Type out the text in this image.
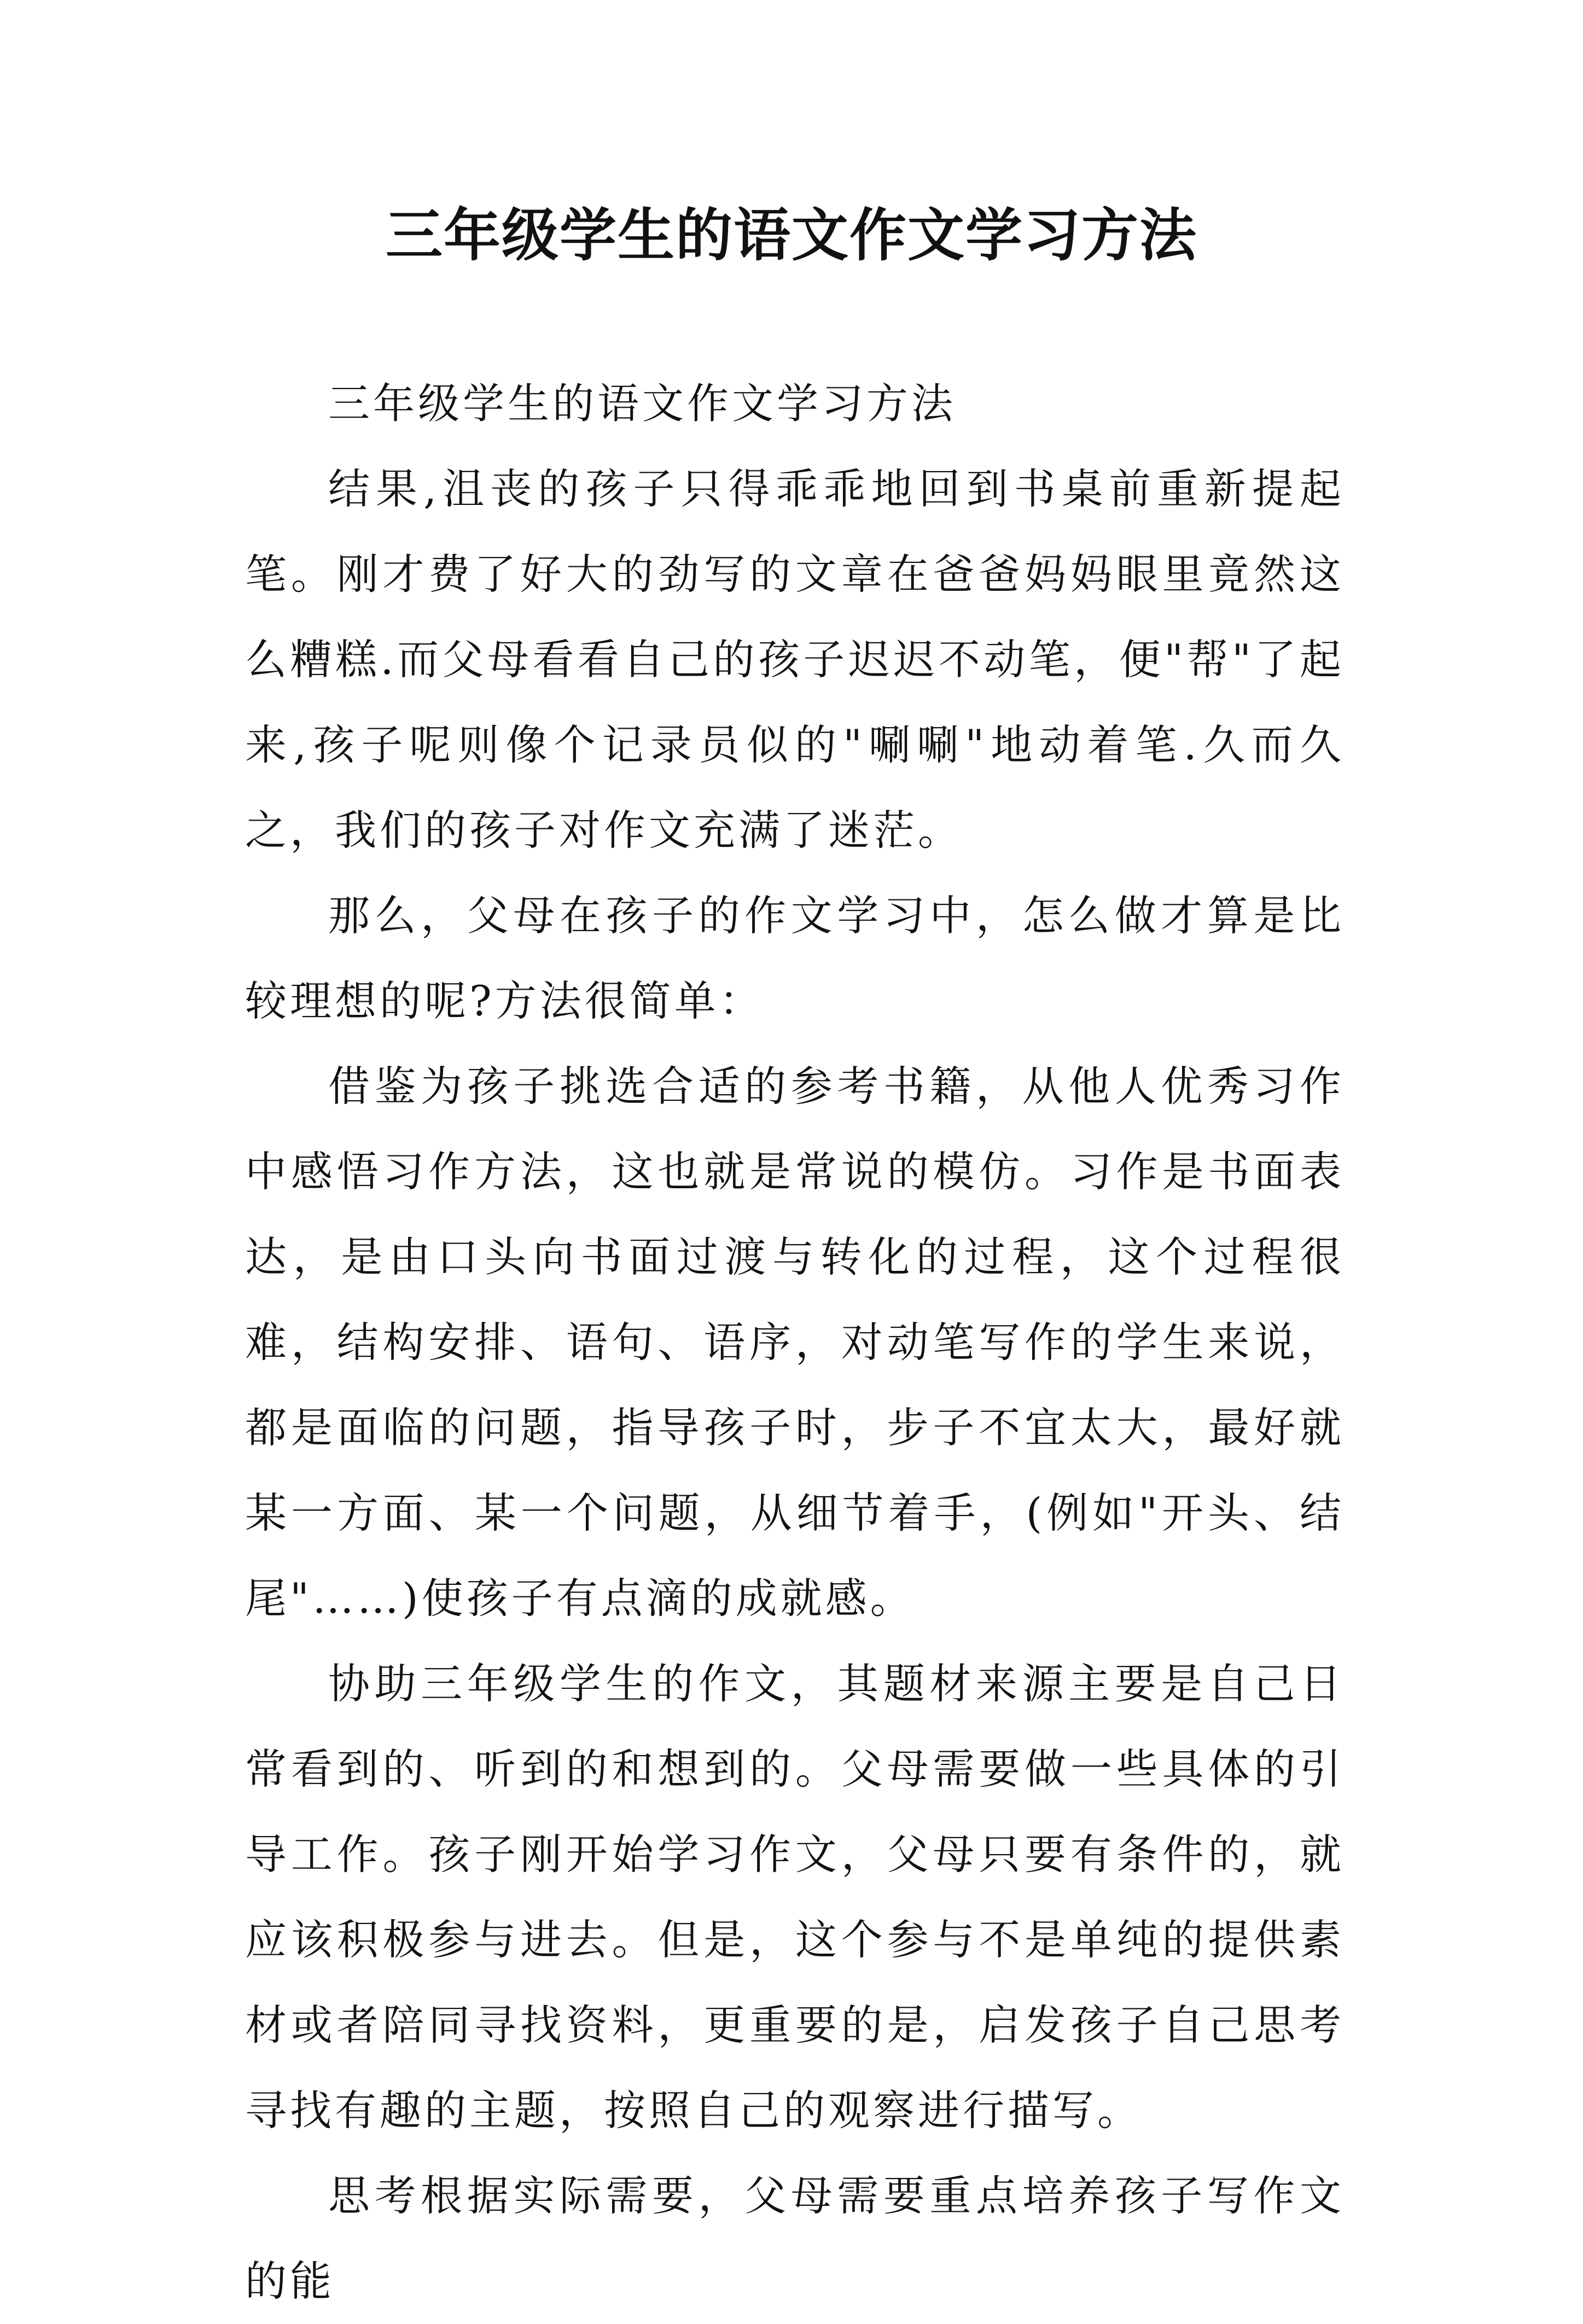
三年级学生的语文作文学习方法

三年级学生的语文作文学习方法

结果,沮丧的孩子只得乖乖地回到书桌前重新提起笔。刚才费了好大的劲写的文章在爸爸妈妈眼里竟然这么糟糕.而父母看看自己的孩子迟迟不动笔，便"帮"了起来,孩子呢则像个记录员似的"唰唰"地动着笔.久而久之，我们的孩子对作文充满了迷茫。

那么，父母在孩子的作文学习中，怎么做才算是比较理想的呢?方法很简单：

借鉴为孩子挑选合适的参考书籍，从他人优秀习作中感悟习作方法，这也就是常说的模仿。习作是书面表达，是由口头向书面过渡与转化的过程，这个过程很难，结构安排、语句、语序，对动笔写作的学生来说，都是面临的问题，指导孩子时，步子不宜太大，最好就某一方面、某一个问题，从细节着手，(例如"开头、结尾"……)使孩子有点滴的成就感。

协助三年级学生的作文，其题材来源主要是自己日常看到的、听到的和想到的。父母需要做一些具体的引导工作。孩子刚开始学习作文，父母只要有条件的，就应该积极参与进去。但是，这个参与不是单纯的提供素材或者陪同寻找资料，更重要的是，启发孩子自己思考寻找有趣的主题，按照自己的观察进行描写。

思考根据实际需要，父母需要重点培养孩子写作文的能
